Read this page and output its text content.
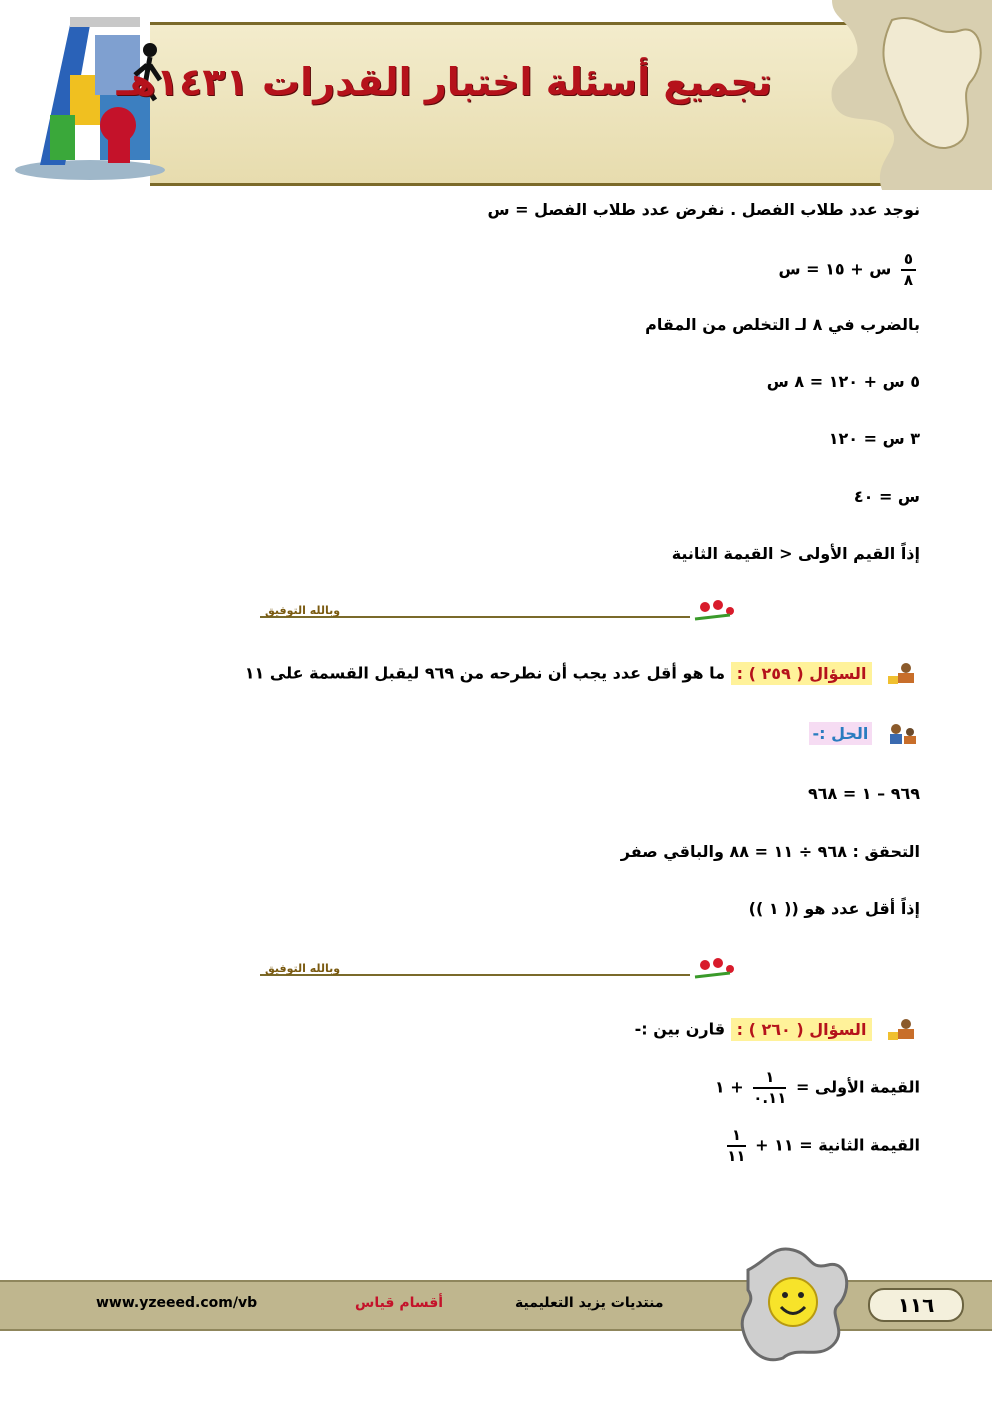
تجميع أسئلة اختبار القدرات ١٤٣١هـ
نوجد عدد طلاب الفصل . نفرض عدد طلاب الفصل = س
$\frac{٥}{٨}$
س + ١٥ = س
بالضرب في ٨ لـ التخلص من المقام
٥ س + ١٢٠ = ٨ س
٣ س = ١٢٠
س = ٤٠
إذاً القيم الأولى < القيمة الثانية
وبالله التوفيق
السؤال ( ٢٥٩ ) : ما هو أقل عدد يجب أن نطرحه من ٩٦٩ ليقبل القسمة على ١١
الحل :-
٩٦٩ – ١ = ٩٦٨
التحقق : ٩٦٨ ÷ ١١ = ٨٨ والباقي صفر
إذاً أقل عدد هو (( ١ ))
وبالله التوفيق
السؤال ( ٢٦٠ ) : قارن بين :-
القيمة الأولى =
$\frac{١}{٠.١١}$
+ ١
القيمة الثانية = ١١ +
$\frac{١}{١١}$
www.yzeeed.com/vb	أقسام قياس	منتديات يزيد التعليمية	١١٦
